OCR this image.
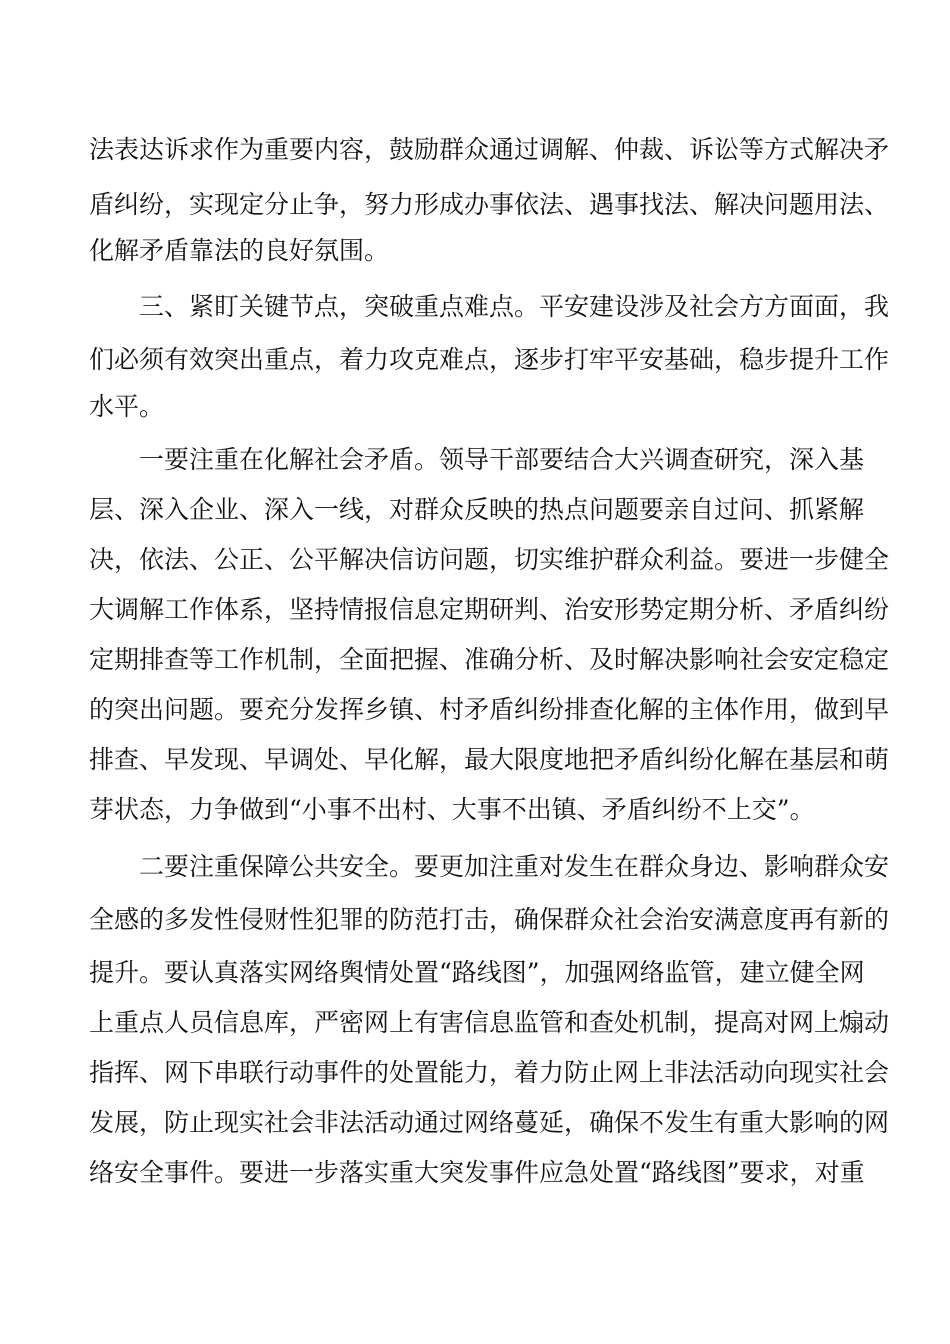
法表达诉求作为重要内容，鼓励群众通过调解、仲裁、诉讼等方式解决矛
盾纠纷，实现定分止争，努力形成办事依法、遇事找法、解决问题用法、
化解矛盾靠法的良好氛围。
三、紧盯关键节点，突破重点难点。平安建设涉及社会方方面面，我
们必须有效突出重点，着力攻克难点，逐步打牢平安基础，稳步提升工作
水平。
一要注重在化解社会矛盾。领导干部要结合大兴调查研究，深入基
层、深入企业、深入一线，对群众反映的热点问题要亲自过问、抓紧解
决，依法、公正、公平解决信访问题，切实维护群众利益。要进一步健全
大调解工作体系，坚持情报信息定期研判、治安形势定期分析、矛盾纠纷
定期排查等工作机制，全面把握、准确分析、及时解决影响社会安定稳定
的突出问题。要充分发挥乡镇、村矛盾纠纷排查化解的主体作用，做到早
排查、早发现、早调处、早化解，最大限度地把矛盾纠纷化解在基层和萌
芽状态，力争做到“小事不出村、大事不出镇、矛盾纠纷不上交”。
二要注重保障公共安全。要更加注重对发生在群众身边、影响群众安
全感的多发性侵财性犯罪的防范打击，确保群众社会治安满意度再有新的
提升。要认真落实网络舆情处置“路线图”，加强网络监管，建立健全网
上重点人员信息库，严密网上有害信息监管和查处机制，提高对网上煽动
指挥、网下串联行动事件的处置能力，着力防止网上非法活动向现实社会
发展，防止现实社会非法活动通过网络蔓延，确保不发生有重大影响的网
络安全事件。要进一步落实重大突发事件应急处置“路线图”要求，对重
